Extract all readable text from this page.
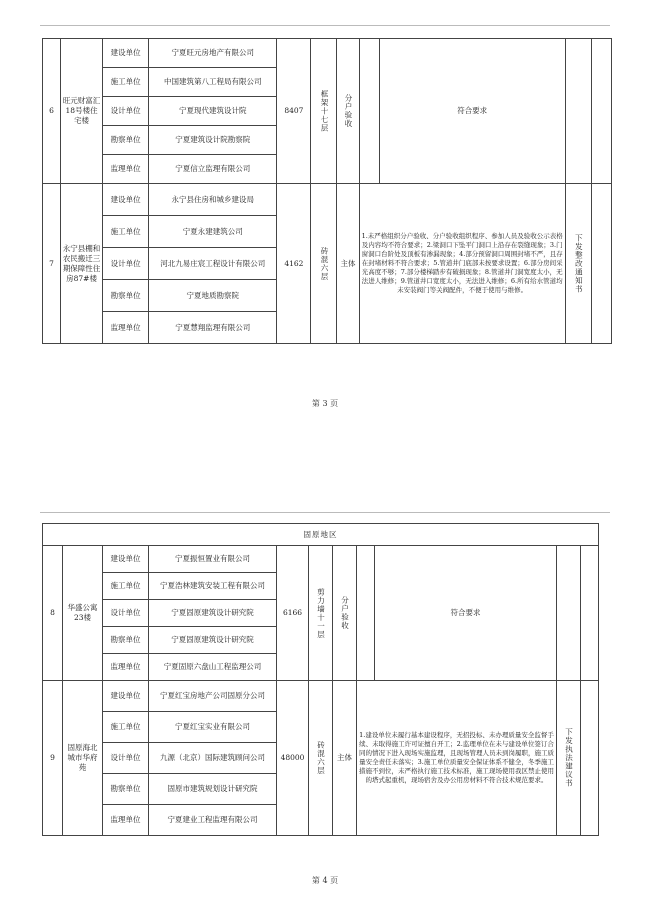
6	旺元财富汇18号楼住宅楼	建设单位	宁夏旺元房地产有限公司	8407	框架十七层	分户验收		符合要求		
		施工单位	中国建筑第八工程局有限公司							
		设计单位	宁夏现代建筑设计院							
		勘察单位	宁夏建筑设计院勘察院							
		监理单位	宁夏信立监理有限公司							
7	永宁县棚和农民搬迁三期保障性住房87#楼	建设单位	永宁县住房和城乡建设局	4162	砖混六层	主体	1.未严格组织分户验收、分户验收组织程序、参加人员及验收公示表格及内容均不符合要求；2.梁洞口下坠平门洞口上沿存在裂缝现象；3.门窗洞口台阶处及顶板有渗漏现象；4.部分预留洞口周围封堵不严，且存在封堵材料不符合要求；5.管道井门底部未按要求设置；6.部分房间采光高度不够；7.部分楼梯踏步有破损现象；8.管道井门洞宽度太小，无法进人维修；9.管道井口宽度太小，无法进入维修；6.所有给水管道均未安装阀门等关阀配件，不便于使用与维修。		下发整改通知书	
		施工单位	宁夏永建建筑公司							
		设计单位	河北九易庄宸工程设计有限公司							
		勘察单位	宁夏地质勘察院							
		监理单位	宁夏慧翔监理有限公司							
第 3 页
固原地区										
8	华盛公寓23楼	建设单位	宁夏振恒置业有限公司	6166	剪力墙十一层	分户验收		符合要求		
		施工单位	宁夏浩林建筑安装工程有限公司							
		设计单位	宁夏固原建筑设计研究院							
		勘察单位	宁夏固原建筑设计研究院							
		监理单位	宁夏固原六盘山工程监理公司							
9	固原海北城市华府苑	建设单位	宁夏红宝房地产公司固原分公司	48000	砖混六层	主体	1.建设单位未履行基本建设程序，无招投标、未办理质量安全监督手续、未取得施工许可证擅自开工；2.监理单位在未与建设单位签订合同的情况下进入现场实施监理，且现场管理人员未到岗履职，施工质量安全责任未落实；3.施工单位质量安全保证体系不健全，冬季施工措施不到位，未严格执行施工技术标准，施工现场使用我区禁止使用的塔式起重机，现场宿舍及办公用房材料不符合技术规范要求。		下发执法建议书	
		施工单位	宁夏红宝实业有限公司							
		设计单位	九源（北京）国际建筑顾问公司							
		勘察单位	固原市建筑规划设计研究院							
		监理单位	宁夏建业工程监理有限公司							
第 4 页
